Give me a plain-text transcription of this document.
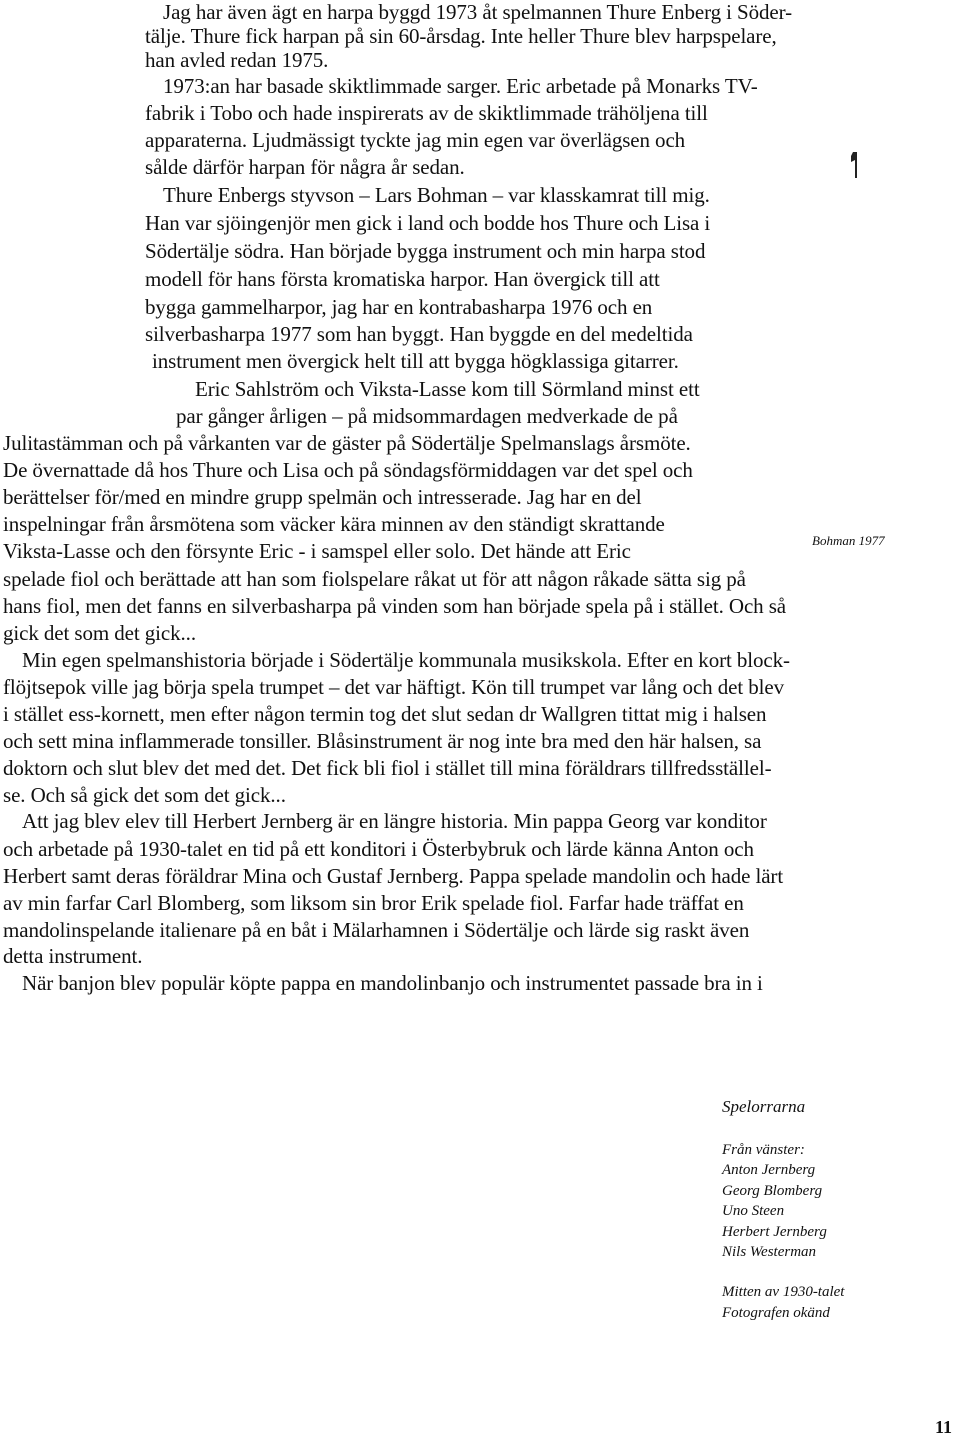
Jag har även ägt en harpa byggd 1973 åt spelmannen Thure Enberg i Söder-
tälje. Thure fick harpan på sin 60-årsdag. Inte heller Thure blev harpspelare,
han avled redan 1975.
1973:an har basade skiktlimmade sarger. Eric arbetade på Monarks TV-
fabrik i Tobo och hade inspirerats av de skiktlimmade trähöljena till
apparaterna. Ljudmässigt tyckte jag min egen var överlägsen och
sålde därför harpan för några år sedan.
Thure Enbergs styvson – Lars Bohman – var klasskamrat till mig.
Han var sjöingenjör men gick i land och bodde hos Thure och Lisa i
Södertälje södra. Han började bygga instrument och min harpa stod
modell för hans första kromatiska harpor. Han övergick till att
bygga gammelharpor, jag har en kontrabasharpa 1976 och en
silverbasharpa 1977 som han byggt. Han byggde en del medeltida
instrument men övergick helt till att bygga högklassiga gitarrer.
Eric Sahlström och Viksta-Lasse kom till Sörmland minst ett
par gånger årligen – på midsommardagen medverkade de på
Julitastämman och på vårkanten var de gäster på Södertälje Spelmanslags årsmöte.
De övernattade då hos Thure och Lisa och på söndagsförmiddagen var det spel och
berättelser för/med en mindre grupp spelmän och intresserade. Jag har en del
inspelningar från årsmötena som väcker kära minnen av den ständigt skrattande
Viksta-Lasse och den försynte Eric - i samspel eller solo. Det hände att Eric	Bohman 1977
spelade fiol och berättade att han som fiolspelare råkat ut för att någon råkade sätta sig på
hans fiol, men det fanns en silverbasharpa på vinden som han började spela på i stället. Och så
gick det som det gick...
Min egen spelmanshistoria började i Södertälje kommunala musikskola. Efter en kort block-
flöjtsepok ville jag börja spela trumpet – det var häftigt. Kön till trumpet var lång och det blev
i stället ess-kornett, men efter någon termin tog det slut sedan dr Wallgren tittat mig i halsen
och sett mina inflammerade tonsiller. Blåsinstrument är nog inte bra med den här halsen, sa
doktorn och slut blev det med det. Det fick bli fiol i stället till mina föräldrars tillfredsställel-
se. Och så gick det som det gick...
Att jag blev elev till Herbert Jernberg är en längre historia. Min pappa Georg var konditor
och arbetade på 1930-talet en tid på ett konditori i Österbybruk och lärde känna Anton och
Herbert samt deras föräldrar Mina och Gustaf Jernberg. Pappa spelade mandolin och hade lärt
av min farfar Carl Blomberg, som liksom sin bror Erik spelade fiol. Farfar hade träffat en
mandolinspelande italienare på en båt i Mälarhamnen i Södertälje och lärde sig raskt även
detta instrument.
När banjon blev populär köpte pappa en mandolinbanjo och instrumentet passade bra in i
Spelorrarna
Från vänster:
Anton Jernberg
Georg Blomberg
Uno Steen
Herbert Jernberg
Nils Westerman
Mitten av 1930-talet
Fotografen okänd
11
